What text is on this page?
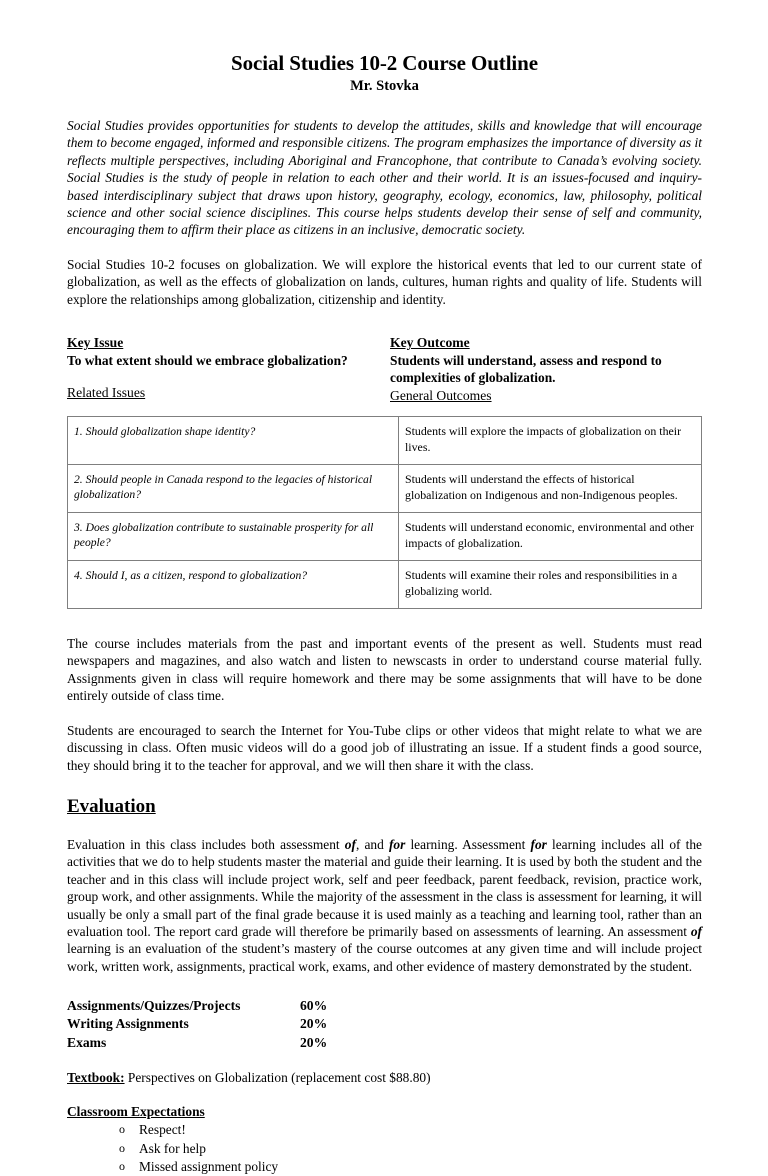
Social Studies 10-2 Course Outline
Mr. Stovka

Social Studies provides opportunities for students to develop the attitudes, skills and knowledge that will encourage them to become engaged, informed and responsible citizens. The program emphasizes the importance of diversity as it reflects multiple perspectives, including Aboriginal and Francophone, that contribute to Canada’s evolving society. Social Studies is the study of people in relation to each other and their world. It is an issues-focused and inquiry-based interdisciplinary subject that draws upon history, geography, ecology, economics, law, philosophy, political science and other social science disciplines. This course helps students develop their sense of self and community, encouraging them to affirm their place as citizens in an inclusive, democratic society.

Social Studies 10-2 focuses on globalization. We will explore the historical events that led to our current state of globalization, as well as the effects of globalization on lands, cultures, human rights and quality of life. Students will explore the relationships among globalization, citizenship and identity.

Key Issue
To what extent should we embrace globalization?
Related Issues
Key Outcome
Students will understand, assess and respond to
complexities of globalization.
General Outcomes
1. Should globalization shape identity?	Students will explore the impacts of globalization on their lives.
2. Should people in Canada respond to the legacies of historical globalization?	Students will understand the effects of historical globalization on Indigenous and non-Indigenous peoples.
3. Does globalization contribute to sustainable prosperity for all people?	Students will understand economic, environmental and other impacts of globalization.
4. Should I, as a citizen, respond to globalization?	Students will examine their roles and responsibilities in a globalizing world.

The course includes materials from the past and important events of the present as well. Students must read newspapers and magazines, and also watch and listen to newscasts in order to understand course material fully. Assignments given in class will require homework and there may be some assignments that will have to be done entirely outside of class time.

Students are encouraged to search the Internet for You-Tube clips or other videos that might relate to what we are discussing in class. Often music videos will do a good job of illustrating an issue. If a student finds a good source, they should bring it to the teacher for approval, and we will then share it with the class.

Evaluation

Evaluation in this class includes both assessment of, and for learning. Assessment for learning includes all of the activities that we do to help students master the material and guide their learning. It is used by both the student and the teacher and in this class will include project work, self and peer feedback, parent feedback, revision, practice work, group work, and other assignments. While the majority of the assessment in the class is assessment for learning, it will usually be only a small part of the final grade because it is used mainly as a teaching and learning tool, rather than an evaluation tool. The report card grade will therefore be primarily based on assessments of learning. An assessment of learning is an evaluation of the student’s mastery of the course outcomes at any given time and will include project work, written work, assignments, practical work, exams, and other evidence of mastery demonstrated by the student.

Assignments/Quizzes/Projects	60%
Writing Assignments	20%
Exams	20%
Textbook: Perspectives on Globalization (replacement cost $88.80)
Classroom Expectations
o	Respect!
o	Ask for help
o	Missed assignment policy
